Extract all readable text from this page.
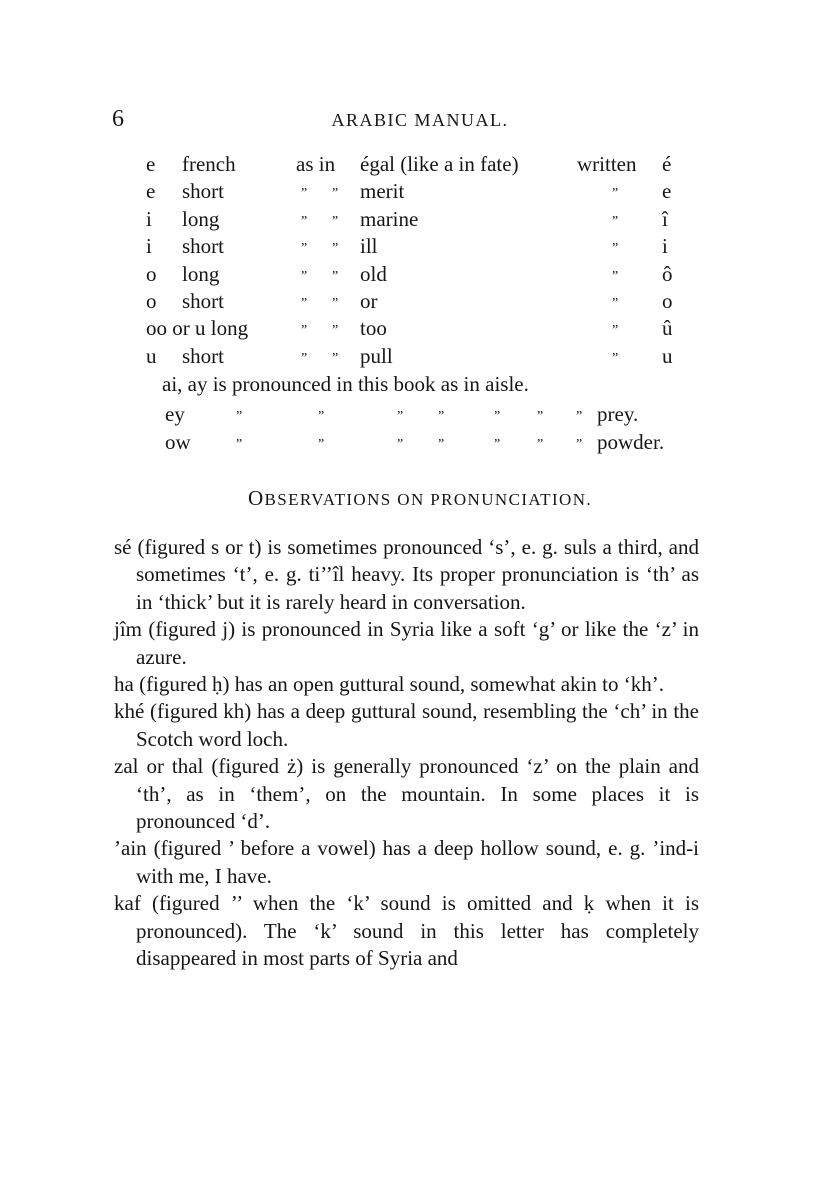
6	ARABIC MANUAL.
e french	as in égal (like a in fate)	written é
e short	” ” merit	” e
i long	” ” marine	” î
i short	” ” ill	” i
o long	” ” old	” ô
o short	” ” or	” o
oo or u long	” ” too	” û
u short	” ” pull	” u
ai, ay is pronounced in this book as in aisle.
ey	”	”	” ”	”	” ” prey.
ow	”	”	” ”	”	” ” powder.
OBSERVATIONS ON PRONUNCIATION.

sé (figured s or t) is sometimes pronounced ‘s’, e. g. suls a third, and sometimes ‘t’, e. g. ti’’îl heavy. Its proper pronunciation is ‘th’ as in ‘thick’ but it is rarely heard in conversation.

jîm (figured j) is pronounced in Syria like a soft ‘g’ or like the ‘z’ in azure.

ha (figured ḥ) has an open guttural sound, somewhat akin to ‘kh’.

khé (figured kh) has a deep guttural sound, resembling the ‘ch’ in the Scotch word loch.

zal or thal (figured ż) is generally pronounced ‘z’ on the plain and ‘th’, as in ‘them’, on the mountain. In some places it is pronounced ‘d’.

’ain (figured ’ before a vowel) has a deep hollow sound, e. g. ’ind-i with me, I have.

kaf (figured ’’ when the ‘k’ sound is omitted and ḳ when it is pronounced). The ‘k’ sound in this letter has completely disappeared in most parts of Syria and
